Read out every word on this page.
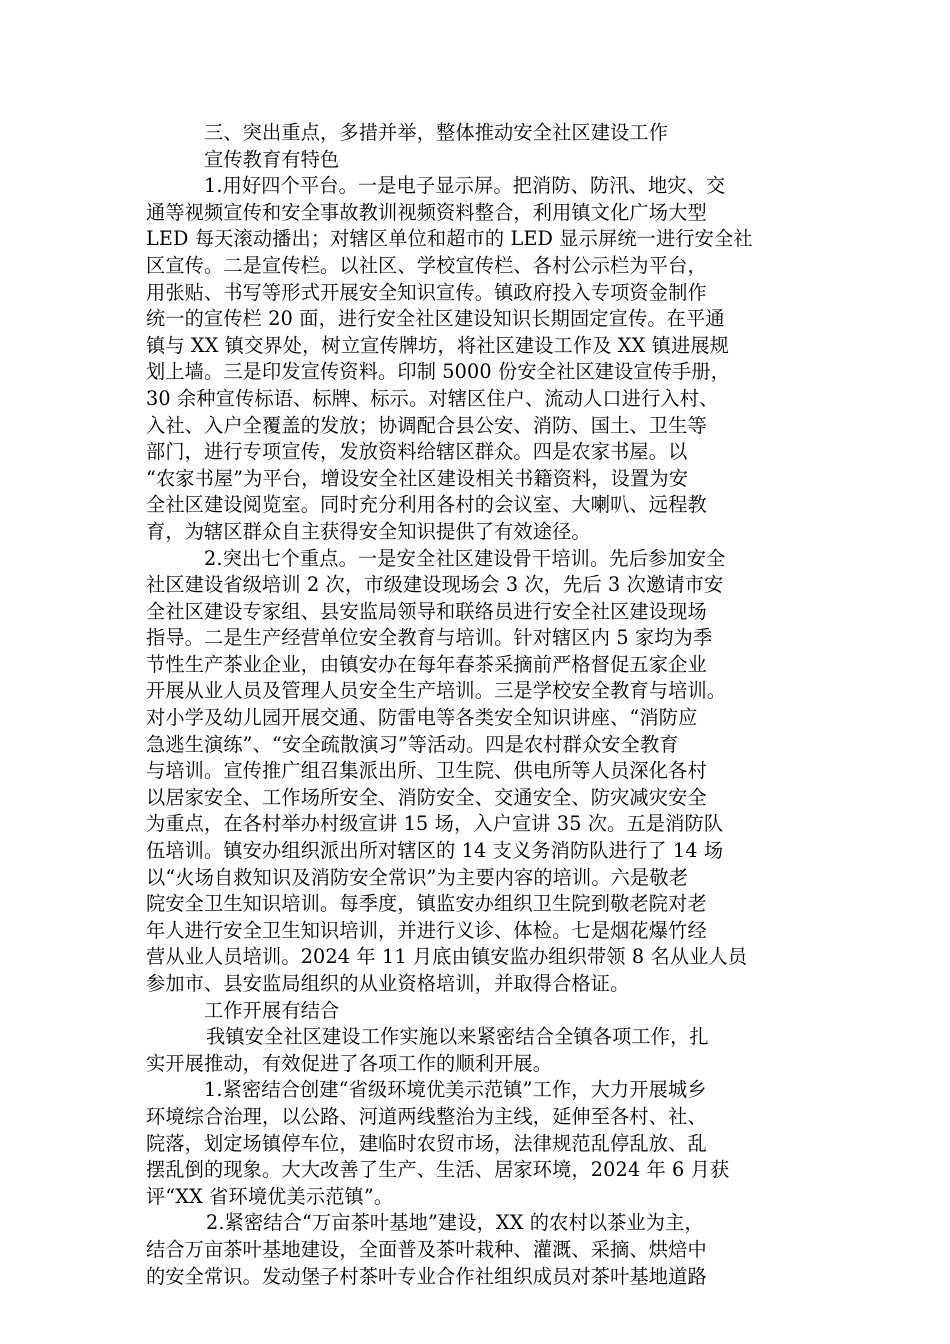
三、突出重点，多措并举，整体推动安全社区建设工作
宣传教育有特色
1.用好四个平台。一是电子显示屏。把消防、防汛、地灾、交
通等视频宣传和安全事故教训视频资料整合，利用镇文化广场大型
LED 每天滚动播出；对辖区单位和超市的 LED 显示屏统一进行安全社
区宣传。二是宣传栏。以社区、学校宣传栏、各村公示栏为平台，
用张贴、书写等形式开展安全知识宣传。镇政府投入专项资金制作
统一的宣传栏 20 面，进行安全社区建设知识长期固定宣传。在平通
镇与 XX 镇交界处，树立宣传牌坊，将社区建设工作及 XX 镇进展规
划上墙。三是印发宣传资料。印制 5000 份安全社区建设宣传手册，
30 余种宣传标语、标牌、标示。对辖区住户、流动人口进行入村、
入社、入户全覆盖的发放；协调配合县公安、消防、国土、卫生等
部门，进行专项宣传，发放资料给辖区群众。四是农家书屋。以
“农家书屋”为平台，增设安全社区建设相关书籍资料，设置为安
全社区建设阅览室。同时充分利用各村的会议室、大喇叭、远程教
育，为辖区群众自主获得安全知识提供了有效途径。
2.突出七个重点。一是安全社区建设骨干培训。先后参加安全
社区建设省级培训 2 次，市级建设现场会 3 次，先后 3 次邀请市安
全社区建设专家组、县安监局领导和联络员进行安全社区建设现场
指导。二是生产经营单位安全教育与培训。针对辖区内 5 家均为季
节性生产茶业企业，由镇安办在每年春茶采摘前严格督促五家企业
开展从业人员及管理人员安全生产培训。三是学校安全教育与培训。
对小学及幼儿园开展交通、防雷电等各类安全知识讲座、“消防应
急逃生演练”、“安全疏散演习”等活动。四是农村群众安全教育
与培训。宣传推广组召集派出所、卫生院、供电所等人员深化各村
以居家安全、工作场所安全、消防安全、交通安全、防灾减灾安全
为重点，在各村举办村级宣讲 15 场，入户宣讲 35 次。五是消防队
伍培训。镇安办组织派出所对辖区的 14 支义务消防队进行了 14 场
以“火场自救知识及消防安全常识”为主要内容的培训。六是敬老
院安全卫生知识培训。每季度，镇监安办组织卫生院到敬老院对老
年人进行安全卫生知识培训，并进行义诊、体检。七是烟花爆竹经
营从业人员培训。2024 年 11 月底由镇安监办组织带领 8 名从业人员
参加市、县安监局组织的从业资格培训，并取得合格证。
工作开展有结合
我镇安全社区建设工作实施以来紧密结合全镇各项工作，扎
实开展推动，有效促进了各项工作的顺利开展。
1.紧密结合创建“省级环境优美示范镇”工作，大力开展城乡
环境综合治理，以公路、河道两线整治为主线，延伸至各村、社、
院落，划定场镇停车位，建临时农贸市场，法律规范乱停乱放、乱
摆乱倒的现象。大大改善了生产、生活、居家环境，2024 年 6 月获
评“XX 省环境优美示范镇”。
2.紧密结合“万亩茶叶基地”建设，XX 的农村以茶业为主，
结合万亩茶叶基地建设，全面普及茶叶栽种、灌溉、采摘、烘焙中
的安全常识。发动堡子村茶叶专业合作社组织成员对茶叶基地道路
